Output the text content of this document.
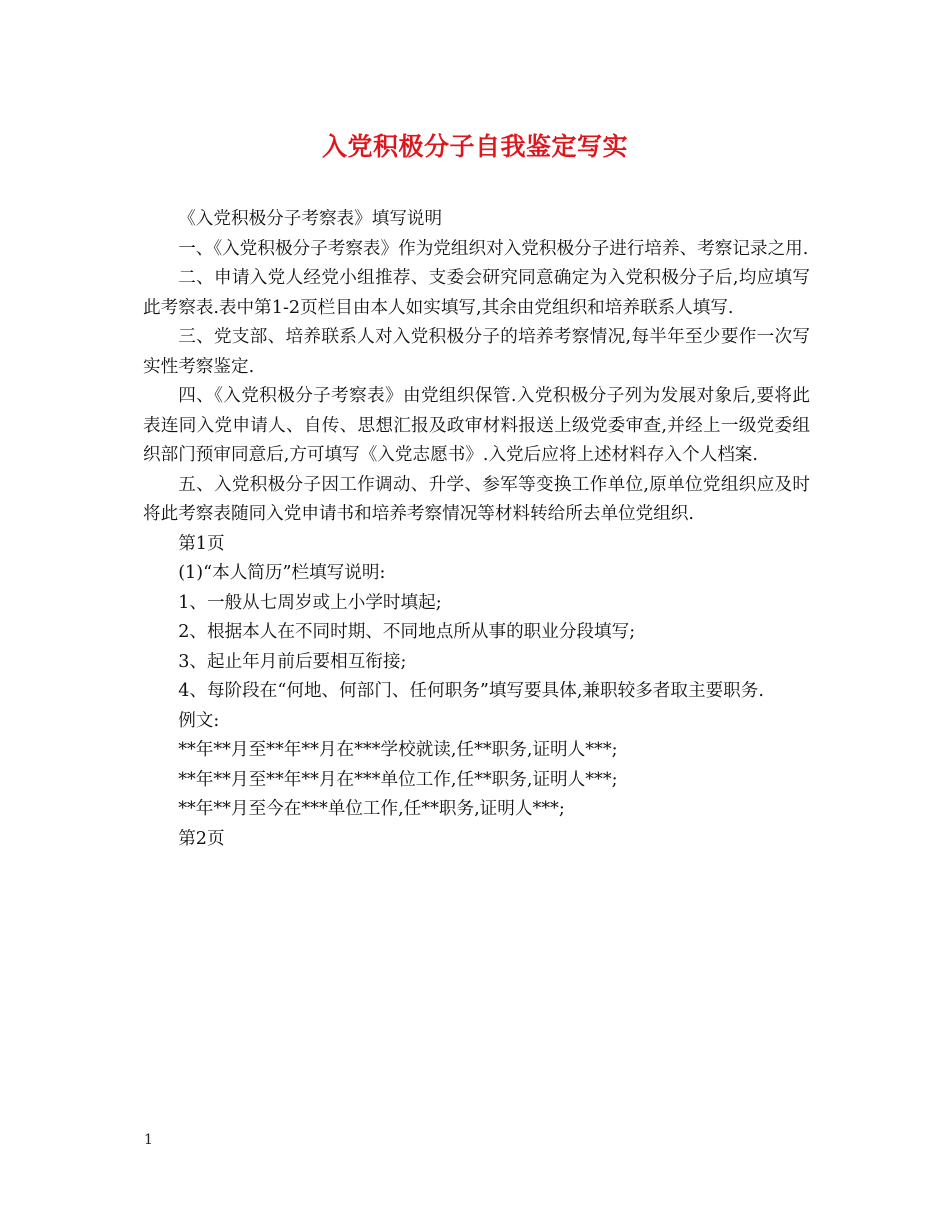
入党积极分子自我鉴定写实

《入党积极分子考察表》填写说明

一、《入党积极分子考察表》作为党组织对入党积极分子进行培养、考察记录之用.

二、申请入党人经党小组推荐、支委会研究同意确定为入党积极分子后,均应填写此考察表.表中第1-2页栏目由本人如实填写,其余由党组织和培养联系人填写.

三、党支部、培养联系人对入党积极分子的培养考察情况,每半年至少要作一次写实性考察鉴定.

四、《入党积极分子考察表》由党组织保管.入党积极分子列为发展对象后,要将此表连同入党申请人、自传、思想汇报及政审材料报送上级党委审查,并经上一级党委组织部门预审同意后,方可填写《入党志愿书》.入党后应将上述材料存入个人档案.

五、入党积极分子因工作调动、升学、参军等变换工作单位,原单位党组织应及时将此考察表随同入党申请书和培养考察情况等材料转给所去单位党组织.

第1页

(1)“本人简历”栏填写说明:

1、一般从七周岁或上小学时填起;

2、根据本人在不同时期、不同地点所从事的职业分段填写;

3、起止年月前后要相互衔接;

4、每阶段在“何地、何部门、任何职务”填写要具体,兼职较多者取主要职务.

例文:

**年**月至**年**月在***学校就读,任**职务,证明人***;

**年**月至**年**月在***单位工作,任**职务,证明人***;

**年**月至今在***单位工作,任**职务,证明人***;

第2页

1
